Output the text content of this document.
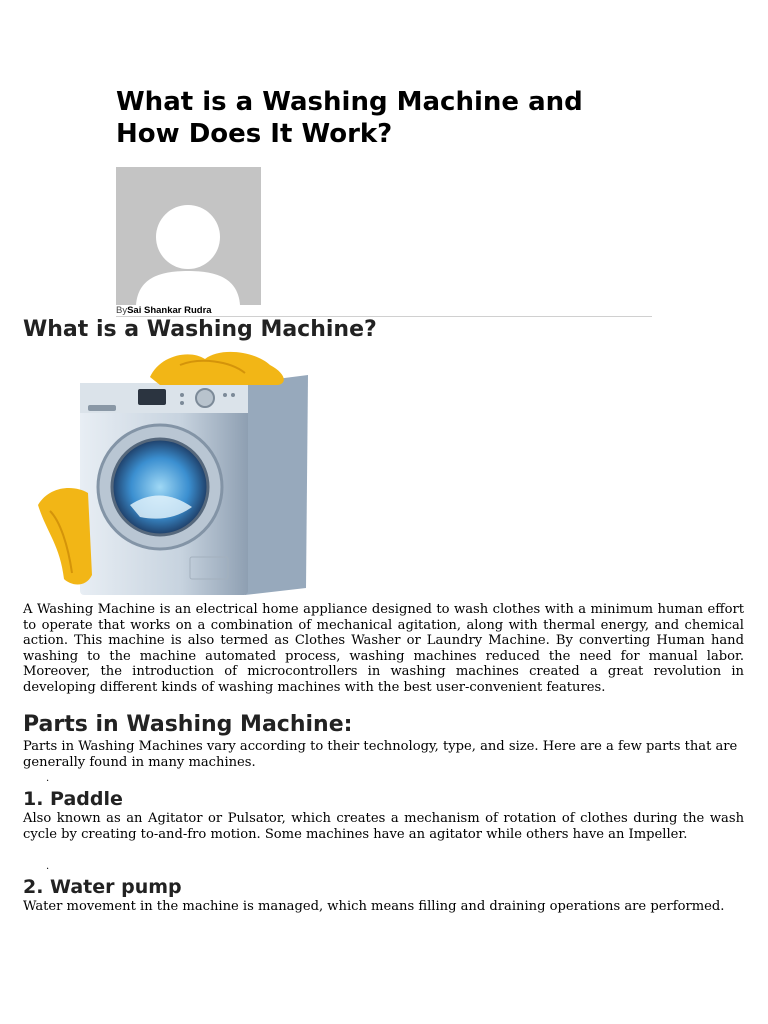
What is a Washing Machine and
How Does It Work?
BySai Shankar Rudra
What is a Washing Machine?

A Washing Machine is an electrical home appliance designed to wash clothes with a minimum human effort to operate that works on a combination of mechanical agitation, along with thermal energy, and chemical action. This machine is also termed as Clothes Washer or Laundry Machine. By converting Human hand washing to the machine automated process, washing machines reduced the need for manual labor. Moreover, the introduction of microcontrollers in washing machines created a great revolution in developing different kinds of washing machines with the best user-convenient features.

Parts in Washing Machine:

Parts in Washing Machines vary according to their technology, type, and size. Here are a few parts that are generally found in many machines.

.
1. Paddle

Also known as an Agitator or Pulsator, which creates a mechanism of rotation of clothes during the wash cycle by creating to-and-fro motion. Some machines have an agitator while others have an Impeller.

.
2. Water pump

Water movement in the machine is managed, which means filling and draining operations are performed.
